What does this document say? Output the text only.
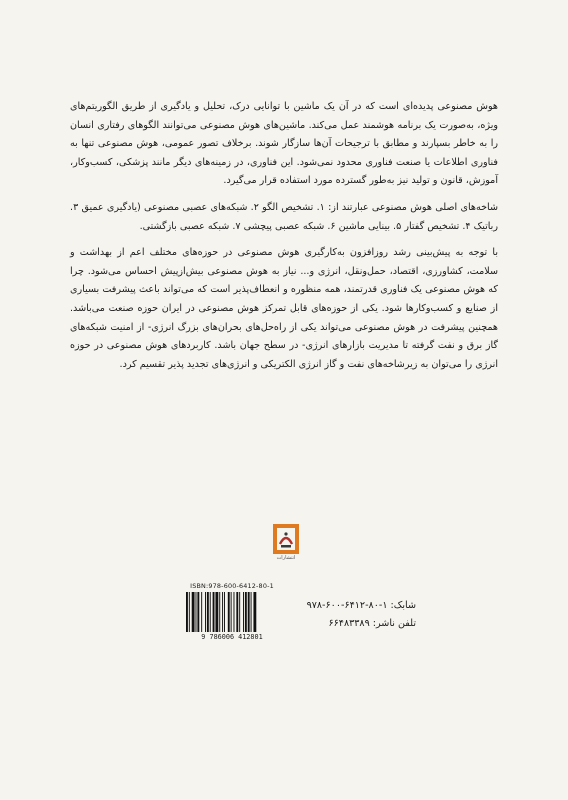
هوش مصنوعی پدیده‌ای است که در آن یک ماشین با توانایی درک، تحلیل و یادگیری از طریق الگوریتم‌های ویژه، به‌صورت یک برنامه هوشمند عمل می‌کند. ماشین‌های هوش مصنوعی می‌توانند الگوهای رفتاری انسان را به خاطر بسپارند و مطابق با ترجیحات آن‌ها سازگار شوند. برخلاف تصور عمومی، هوش مصنوعی تنها به فناوری اطلاعات یا صنعت فناوری محدود نمی‌شود. این فناوری، در زمینه‌های دیگر مانند پزشکی، کسب‌وکار، آموزش، قانون و تولید نیز به‌طور گسترده مورد استفاده قرار می‌گیرد.

شاخه‌های اصلی هوش مصنوعی عبارتند از: ۱. تشخیص الگو ۲. شبکه‌های عصبی مصنوعی (یادگیری عمیق ۳. رباتیک ۴. تشخیص گفتار ۵. بینایی ماشین ۶. شبکه عصبی پیچشی ۷. شبکه عصبی بازگشتی.

با توجه به پیش‌بینی رشد روزافزون به‌کارگیری هوش مصنوعی در حوزه‌های مختلف اعم از بهداشت و سلامت، کشاورزی، اقتصاد، حمل‌ونقل، انرژی و... نیاز به هوش مصنوعی بیش‌ازپیش احساس می‌شود. چرا که هوش مصنوعی یک فناوری قدرتمند، همه منظوره و انعطاف‌پذیر است که می‌تواند باعث پیشرفت بسیاری از صنایع و کسب‌وکارها شود. یکی از حوزه‌های قابل تمرکز هوش مصنوعی در ایران حوزه صنعت می‌باشد. همچنین پیشرفت در هوش مصنوعی می‌تواند یکی از راه‌حل‌های بحران‌های بزرگ انرژی- از امنیت شبکه‌های گاز برق و نفت گرفته تا مدیریت بازارهای انرژی- در سطح جهان باشد. کاربردهای هوش مصنوعی در حوزه انرژی را می‌توان به زیرشاخه‌های نفت و گاز انرژی الکتریکی و انرژی‌های تجدید پذیر تقسیم کرد.

انتشارات
ISBN:978-600-6412-80-1
9 786006 412801
شابک: ۱-۸۰-۶۴۱۲-۶۰۰-۹۷۸
تلفن ناشر: ۶۶۴۸۳۳۸۹
